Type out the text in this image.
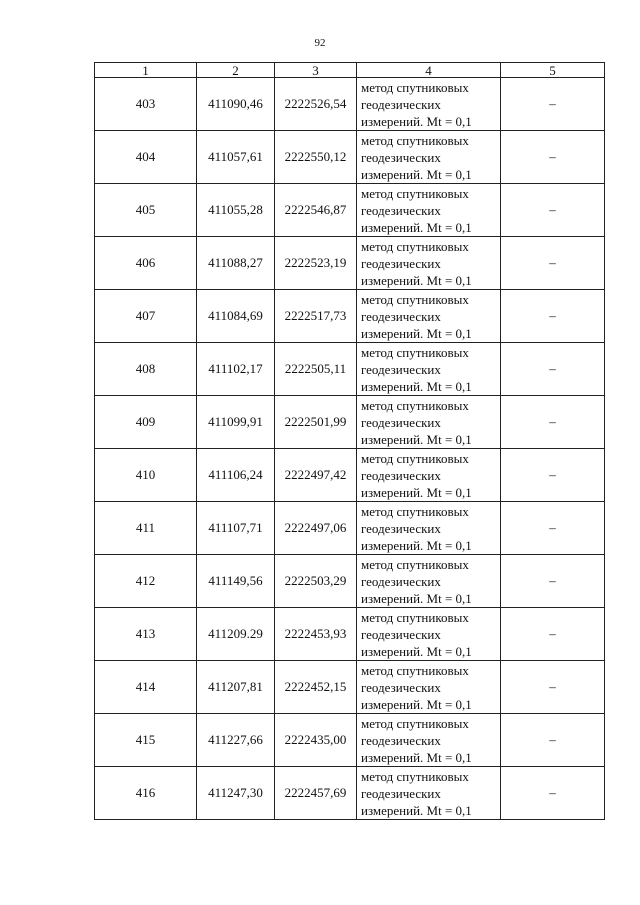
92
1	2	3	4	5
403	411090,46	2222526,54	метод спутниковых
геодезических
измерений. Mt = 0,1	–
404	411057,61	2222550,12	метод спутниковых
геодезических
измерений. Mt = 0,1	–
405	411055,28	2222546,87	метод спутниковых
геодезических
измерений. Mt = 0,1	–
406	411088,27	2222523,19	метод спутниковых
геодезических
измерений. Mt = 0,1	–
407	411084,69	2222517,73	метод спутниковых
геодезических
измерений. Mt = 0,1	–
408	411102,17	2222505,11	метод спутниковых
геодезических
измерений. Mt = 0,1	–
409	411099,91	2222501,99	метод спутниковых
геодезических
измерений. Mt = 0,1	–
410	411106,24	2222497,42	метод спутниковых
геодезических
измерений. Mt = 0,1	–
411	411107,71	2222497,06	метод спутниковых
геодезических
измерений. Mt = 0,1	–
412	411149,56	2222503,29	метод спутниковых
геодезических
измерений. Mt = 0,1	–
413	411209.29	2222453,93	метод спутниковых
геодезических
измерений. Mt = 0,1	–
414	411207,81	2222452,15	метод спутниковых
геодезических
измерений. Mt = 0,1	–
415	411227,66	2222435,00	метод спутниковых
геодезических
измерений. Mt = 0,1	–
416	411247,30	2222457,69	метод спутниковых
геодезических
измерений. Mt = 0,1	–
